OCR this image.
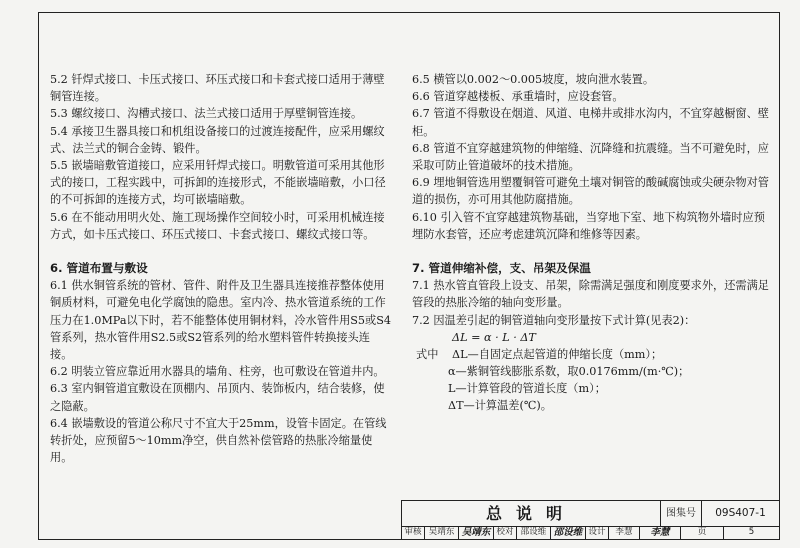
5.2 钎焊式接口、卡压式接口、环压式接口和卡套式接口适用于薄壁铜管连接。

5.3 螺纹接口、沟槽式接口、法兰式接口适用于厚壁铜管连接。

5.4 承接卫生器具接口和机组设备接口的过渡连接配件，应采用螺纹式、法兰式的铜合金铸、锻件。

5.5 嵌墙暗敷管道接口，应采用钎焊式接口。明敷管道可采用其他形式的接口，工程实践中，可拆卸的连接形式，不能嵌墙暗敷，小口径的不可拆卸的连接方式，均可嵌墙暗敷。

5.6 在不能动用明火处、施工现场操作空间较小时，可采用机械连接方式，如卡压式接口、环压式接口、卡套式接口、螺纹式接口等。

6. 管道布置与敷设

6.1 供水铜管系统的管材、管件、附件及卫生器具连接推荐整体使用铜质材料，可避免电化学腐蚀的隐患。室内冷、热水管道系统的工作压力在1.0MPa以下时，若不能整体使用铜材料，冷水管件用S5或S4管系列，热水管件用S2.5或S2管系列的给水塑料管件转换接头连接。

6.2 明装立管应靠近用水器具的墙角、柱旁，也可敷设在管道井内。

6.3 室内铜管道宜敷设在顶棚内、吊顶内、装饰板内，结合装修，使之隐蔽。

6.4 嵌墙敷设的管道公称尺寸不宜大于25mm，设管卡固定。在管线转折处，应预留5～10mm净空，供自然补偿管路的热胀冷缩量使用。

6.5 横管以0.002～0.005坡度，坡向泄水装置。

6.6 管道穿越楼板、承重墙时，应设套管。

6.7 管道不得敷设在烟道、风道、电梯井或排水沟内，不宜穿越橱窗、壁柜。

6.8 管道不宜穿越建筑物的伸缩缝、沉降缝和抗震缝。当不可避免时，应采取可防止管道破坏的技术措施。

6.9 埋地铜管选用塑覆铜管可避免土壤对铜管的酸碱腐蚀或尖硬杂物对管道的损伤，亦可用其他防腐措施。

6.10 引入管不宜穿越建筑物基础，当穿地下室、地下构筑物外墙时应预埋防水套管，还应考虑建筑沉降和维修等因素。

7. 管道伸缩补偿，支、吊架及保温

7.1 热水管直管段上设支、吊架，除需满足强度和刚度要求外，还需满足管段的热胀冷缩的轴向变形量。

7.2 因温差引起的铜管道轴向变形量按下式计算(见表2)：

ΔL = α · L · ΔT
式中 ΔL—自固定点起管道的伸缩长度（mm）；

α—紫铜管线膨胀系数，取0.0176mm/(m·℃)；

L—计算管段的管道长度（m）；

ΔT—计算温差(℃)。

总说明	图集号	09S407-1
审核 吴靖东 吴靖东 校对 邵设维 邵设维 设计	李慧	李慧	页	5
